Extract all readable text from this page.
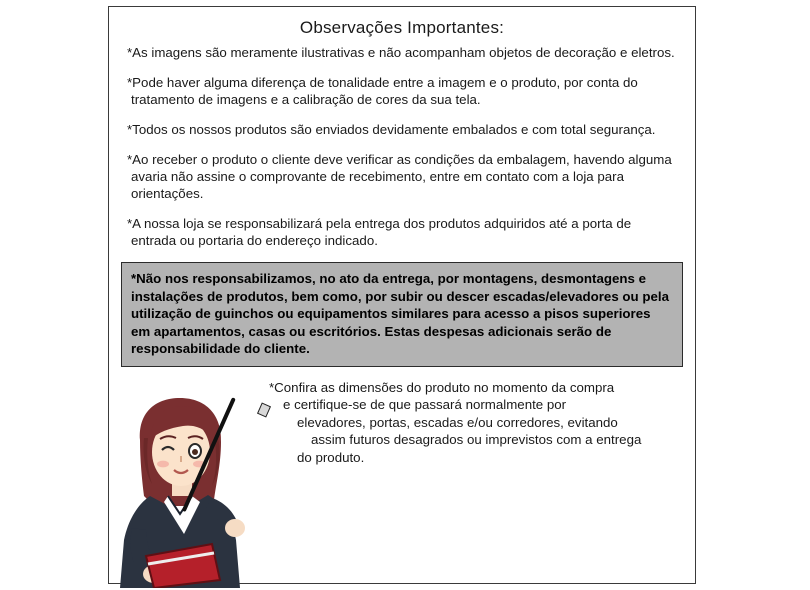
Observações Importantes:

*As imagens são meramente ilustrativas e não acompanham objetos de decoração e eletros.

*Pode haver alguma diferença de tonalidade entre a imagem e o produto, por conta do tratamento de imagens e a calibração de cores da sua tela.

*Todos os nossos produtos são enviados devidamente embalados e com total segurança.

*Ao receber o produto o cliente deve verificar as condições da embalagem, havendo alguma avaria não assine o comprovante de recebimento, entre em contato com a loja para orientações.

*A nossa loja se responsabilizará pela entrega dos produtos adquiridos até a porta de entrada ou portaria do endereço indicado.

*Não nos responsabilizamos, no ato da entrega, por montagens, desmontagens e instalações de produtos, bem como, por subir ou descer escadas/elevadores ou pela utilização de guinchos ou equipamentos similares para acesso a pisos superiores em apartamentos, casas ou escritórios. Estas despesas adicionais serão de responsabilidade do cliente.

*Confira as dimensões do produto no momento da compra
e certifique-se de que passará normalmente por
elevadores, portas, escadas e/ou corredores, evitando
assim futuros desagrados ou imprevistos com a entrega
do produto.
